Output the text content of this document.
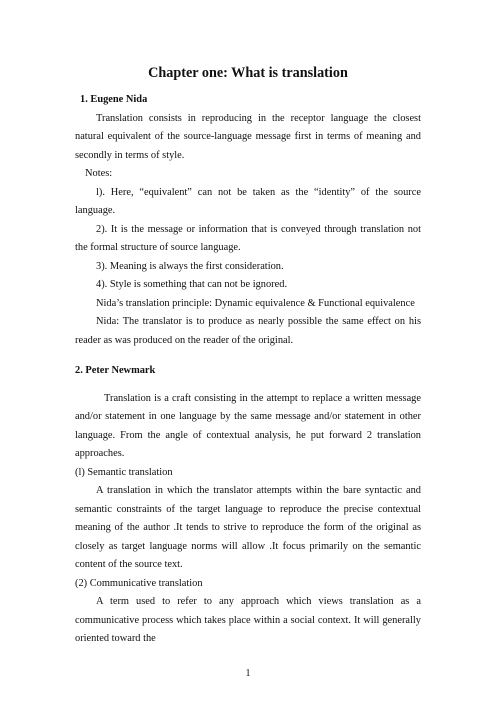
Chapter one: What is translation

1. Eugene Nida

Translation consists in reproducing in the receptor language the closest natural equivalent of the source-language message first in terms of meaning and secondly in terms of style.

Notes:

l). Here, “equivalent” can not be taken as the “identity” of the source language.

2). It is the message or information that is conveyed through translation not the formal structure of source language.

3). Meaning is always the first consideration.

4). Style is something that can not be ignored.

Nida’s translation principle: Dynamic equivalence & Functional equivalence

Nida: The translator is to produce as nearly possible the same effect on his reader as was produced on the reader of the original.

2. Peter Newmark

Translation is a craft consisting in the attempt to replace a written message and/or statement in one language by the same message and/or statement in other language. From the angle of contextual analysis, he put forward 2 translation approaches.

(l) Semantic translation

A translation in which the translator attempts within the bare syntactic and semantic constraints of the target language to reproduce the precise contextual meaning of the author .It tends to strive to reproduce the form of the original as closely as target language norms will allow .It focus primarily on the semantic content of the source text.

(2) Communicative translation

A term used to refer to any approach which views translation as a communicative process which takes place within a social context. It will generally oriented toward the

1
